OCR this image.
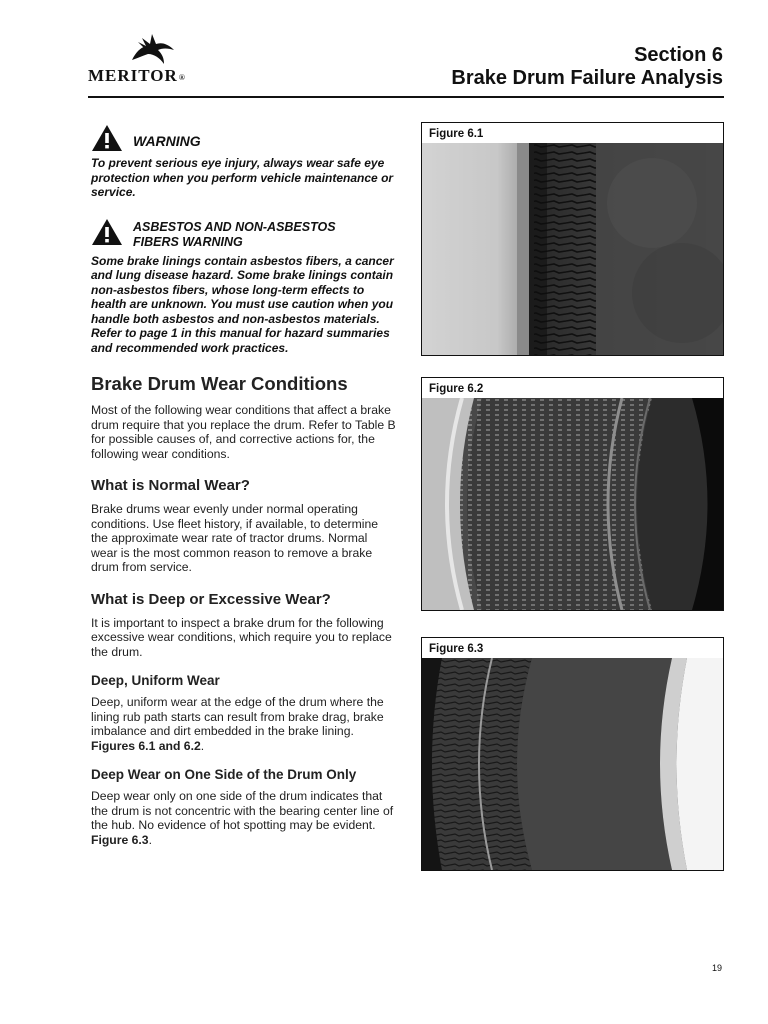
MERITOR®
Section 6
Brake Drum Failure Analysis
WARNING

To prevent serious eye injury, always wear safe eye protection when you perform vehicle maintenance or service.

ASBESTOS AND NON-ASBESTOS
FIBERS WARNING

Some brake linings contain asbestos fibers, a cancer and lung disease hazard. Some brake linings contain non-asbestos fibers, whose long-term effects to health are unknown. You must use caution when you handle both asbestos and non-asbestos materials. Refer to page 1 in this manual for hazard summaries and recommended work practices.

Brake Drum Wear Conditions

Most of the following wear conditions that affect a brake drum require that you replace the drum. Refer to Table B for possible causes of, and corrective actions for, the following wear conditions.

What is Normal Wear?

Brake drums wear evenly under normal operating conditions. Use fleet history, if available, to determine the approximate wear rate of tractor drums. Normal wear is the most common reason to remove a brake drum from service.

What is Deep or Excessive Wear?

It is important to inspect a brake drum for the following excessive wear conditions, which require you to replace the drum.

Deep, Uniform Wear

Deep, uniform wear at the edge of the drum where the lining rub path starts can result from brake drag, brake imbalance and dirt embedded in the brake lining. Figures 6.1 and 6.2.

Deep Wear on One Side of the Drum Only

Deep wear only on one side of the drum indicates that the drum is not concentric with the bearing center line of the hub. No evidence of hot spotting may be evident. Figure 6.3.

Figure 6.1
Figure 6.2
Figure 6.3
19
